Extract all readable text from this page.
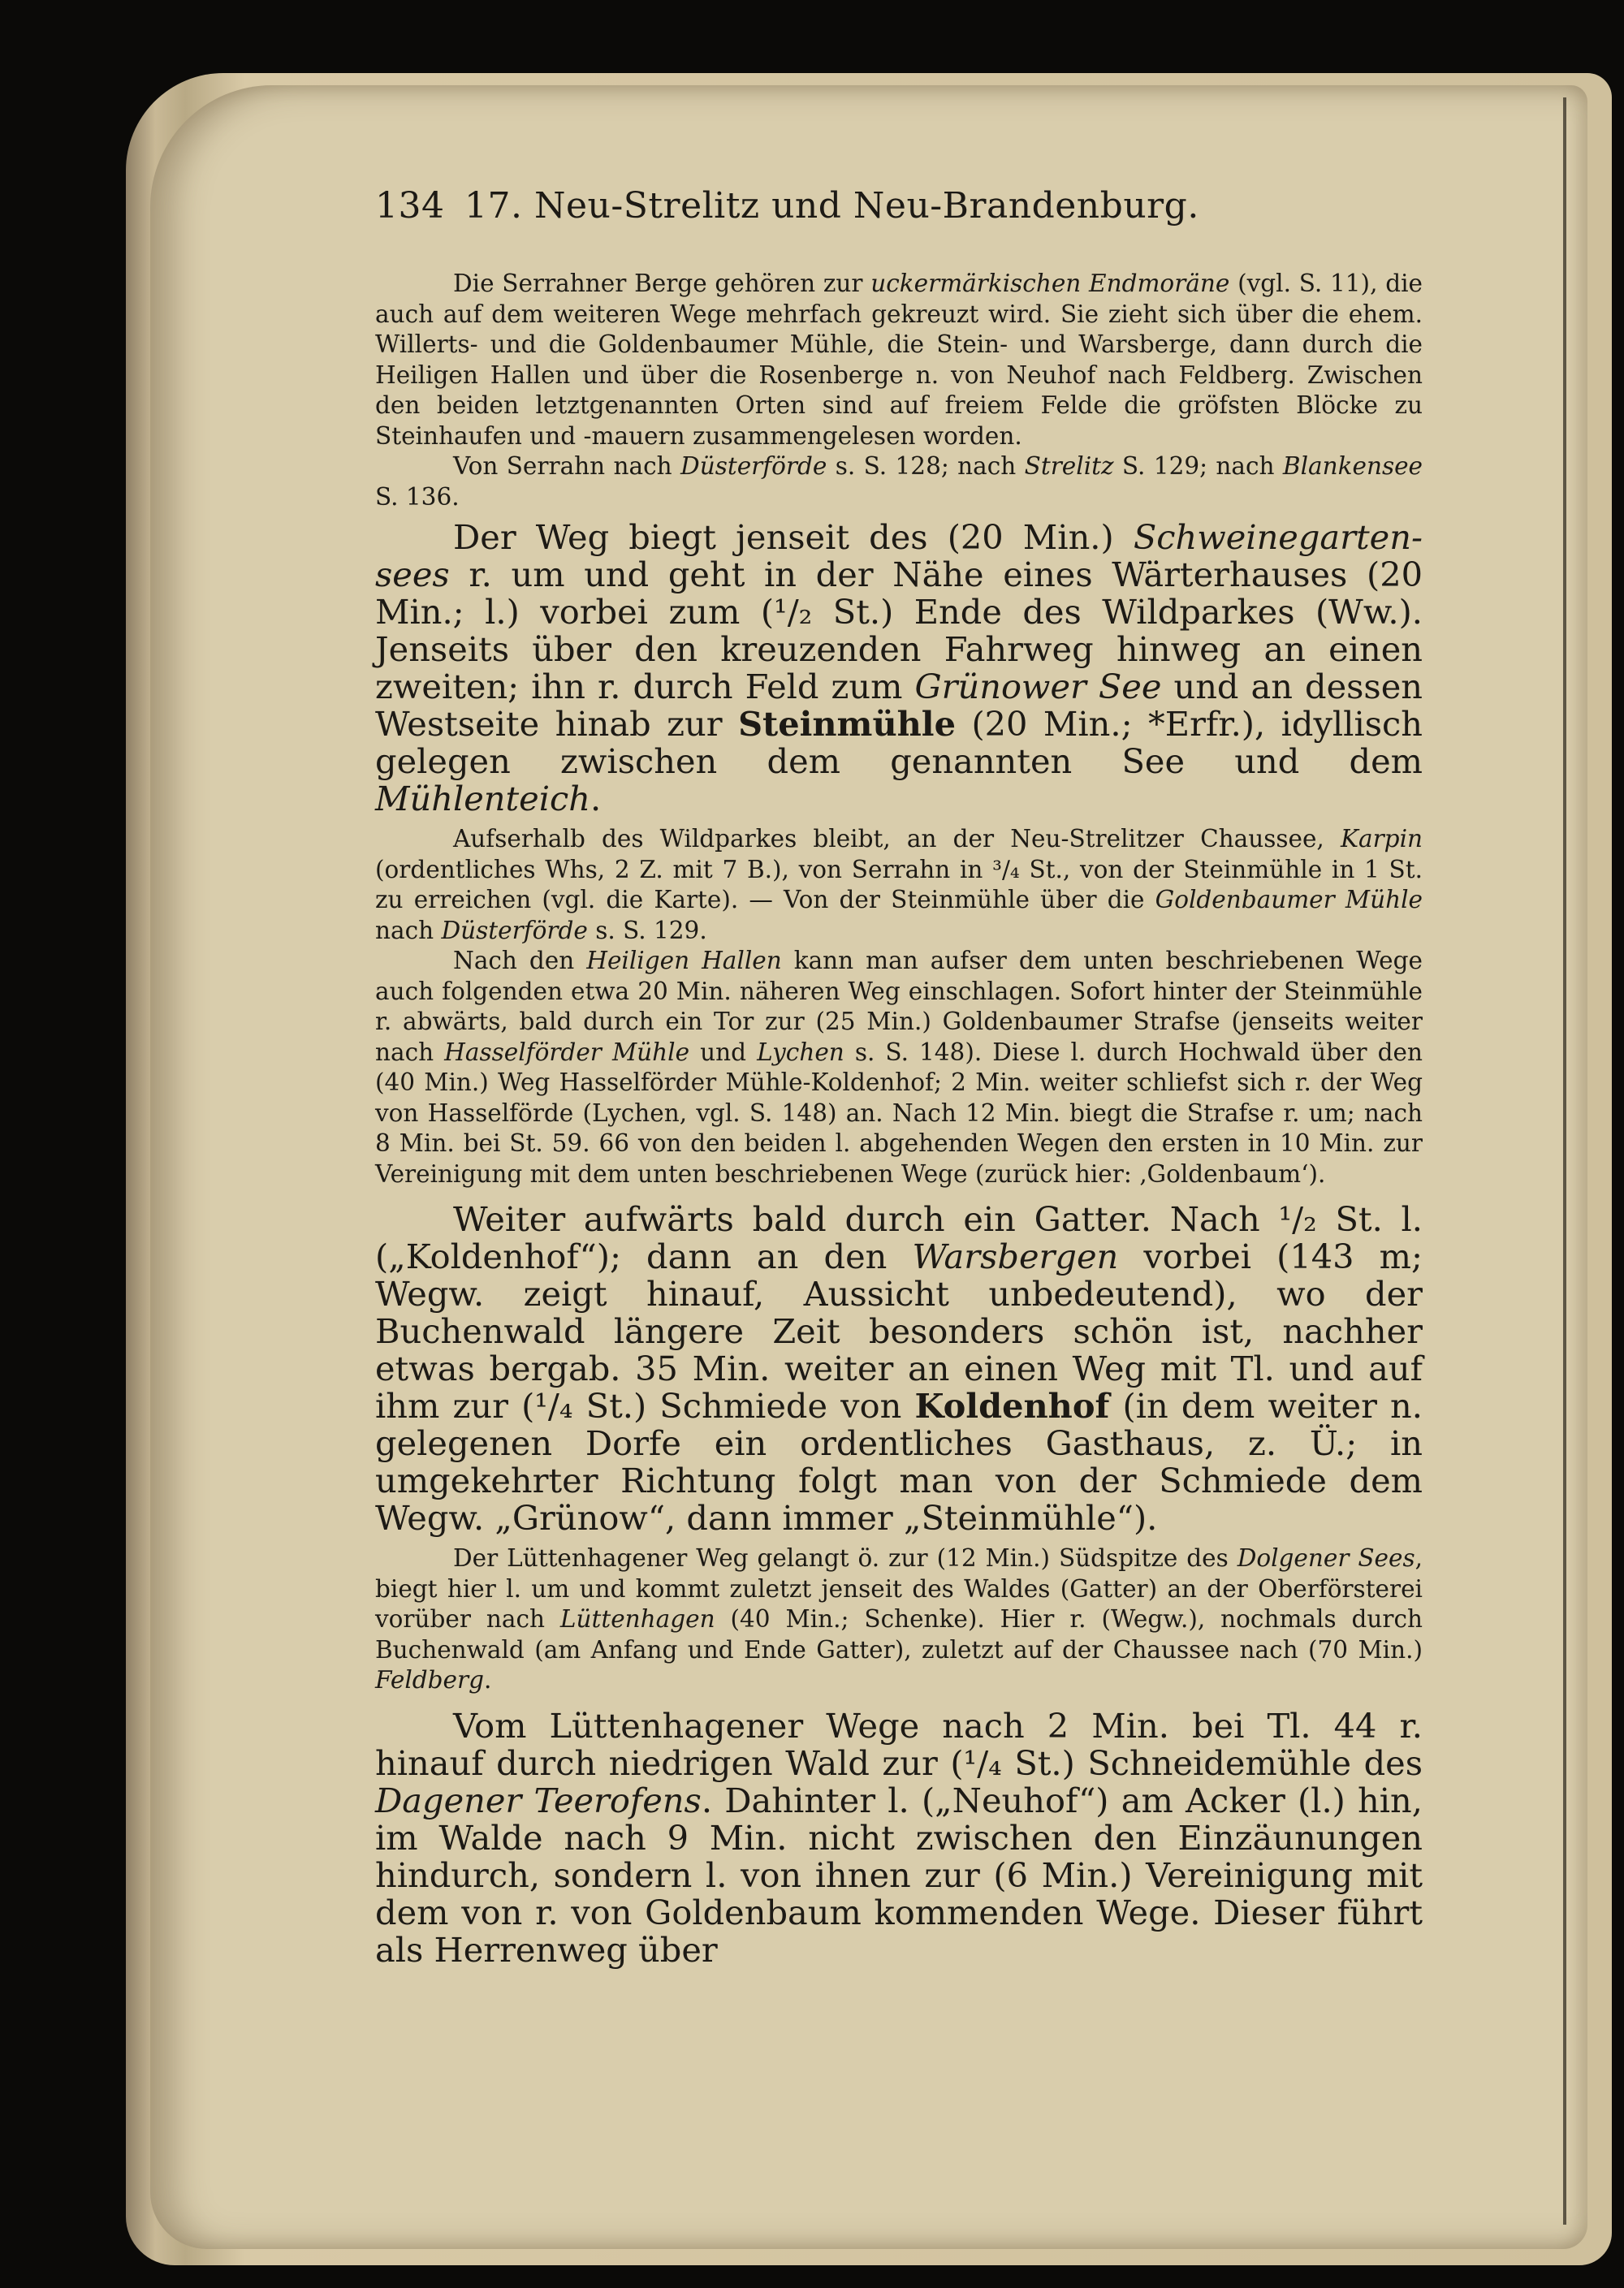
134 17. Neu-Strelitz und Neu-Brandenburg.

Die Serrahner Berge gehören zur uckermärkischen Endmoräne (vgl. S. 11), die auch auf dem weiteren Wege mehrfach gekreuzt wird. Sie zieht sich über die ehem. Willerts- und die Goldenbaumer Mühle, die Stein- und Warsberge, dann durch die Heiligen Hallen und über die Rosenberge n. von Neuhof nach Feldberg. Zwischen den beiden letztgenannten Orten sind auf freiem Felde die gröfsten Blöcke zu Steinhaufen und -mauern zusammengelesen worden.

Von Serrahn nach Düsterförde s. S. 128; nach Strelitz S. 129; nach Blankensee S. 136.

Der Weg biegt jenseit des (20 Min.) Schweinegarten-sees r. um und geht in der Nähe eines Wärterhauses (20 Min.; l.) vorbei zum (¹/₂ St.) Ende des Wildparkes (Ww.). Jenseits über den kreuzenden Fahrweg hinweg an einen zweiten; ihn r. durch Feld zum Grünower See und an dessen Westseite hinab zur Steinmühle (20 Min.; *Erfr.), idyllisch gelegen zwischen dem genannten See und dem Mühlenteich.

Aufserhalb des Wildparkes bleibt, an der Neu-Strelitzer Chaussee, Karpin (ordentliches Whs, 2 Z. mit 7 B.), von Serrahn in ³/₄ St., von der Steinmühle in 1 St. zu erreichen (vgl. die Karte). — Von der Steinmühle über die Goldenbaumer Mühle nach Düsterförde s. S. 129.

Nach den Heiligen Hallen kann man aufser dem unten beschriebenen Wege auch folgenden etwa 20 Min. näheren Weg einschlagen. Sofort hinter der Steinmühle r. abwärts, bald durch ein Tor zur (25 Min.) Goldenbaumer Strafse (jenseits weiter nach Hasselförder Mühle und Lychen s. S. 148). Diese l. durch Hochwald über den (40 Min.) Weg Hasselförder Mühle-Koldenhof; 2 Min. weiter schliefst sich r. der Weg von Hasselförde (Lychen, vgl. S. 148) an. Nach 12 Min. biegt die Strafse r. um; nach 8 Min. bei St. 59. 66 von den beiden l. abgehenden Wegen den ersten in 10 Min. zur Vereinigung mit dem unten beschriebenen Wege (zurück hier: ‚Goldenbaum‘).

Weiter aufwärts bald durch ein Gatter. Nach ¹/₂ St. l. („Koldenhof“); dann an den Warsbergen vorbei (143 m; Wegw. zeigt hinauf, Aussicht unbedeutend), wo der Buchenwald längere Zeit besonders schön ist, nachher etwas bergab. 35 Min. weiter an einen Weg mit Tl. und auf ihm zur (¹/₄ St.) Schmiede von Koldenhof (in dem weiter n. gelegenen Dorfe ein ordentliches Gasthaus, z. Ü.; in umgekehrter Richtung folgt man von der Schmiede dem Wegw. „Grünow“, dann immer „Steinmühle“).

Der Lüttenhagener Weg gelangt ö. zur (12 Min.) Südspitze des Dolgener Sees, biegt hier l. um und kommt zuletzt jenseit des Waldes (Gatter) an der Oberförsterei vorüber nach Lüttenhagen (40 Min.; Schenke). Hier r. (Wegw.), nochmals durch Buchenwald (am Anfang und Ende Gatter), zuletzt auf der Chaussee nach (70 Min.) Feldberg.

Vom Lüttenhagener Wege nach 2 Min. bei Tl. 44 r. hinauf durch niedrigen Wald zur (¹/₄ St.) Schneidemühle des Dagener Teerofens. Dahinter l. („Neuhof“) am Acker (l.) hin, im Walde nach 9 Min. nicht zwischen den Einzäunungen hindurch, sondern l. von ihnen zur (6 Min.) Vereinigung mit dem von r. von Goldenbaum kommenden Wege. Dieser führt als Herrenweg über
